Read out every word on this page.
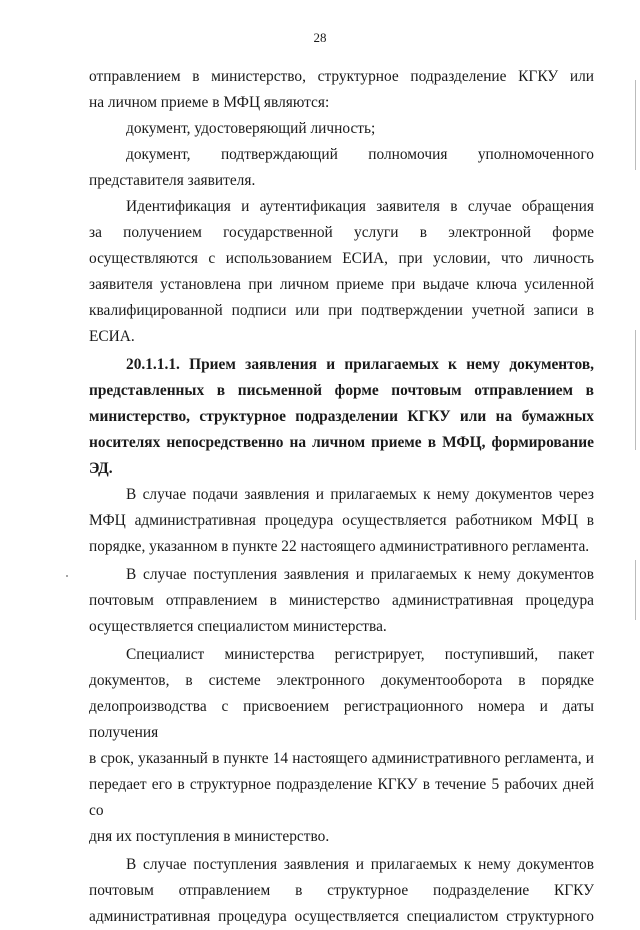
28

отправлением в министерство, структурное подразделение КГКУ или

на личном приеме в МФЦ являются:

документ, удостоверяющий личность;

документ, подтверждающий полномочия уполномоченного

представителя заявителя.

Идентификация и аутентификация заявителя в случае обращения

за получением государственной услуги в электронной форме

осуществляются с использованием ЕСИА, при условии, что личность

заявителя установлена при личном приеме при выдаче ключа усиленной

квалифицированной подписи или при подтверждении учетной записи в

ЕСИА.

20.1.1.1. Прием заявления и прилагаемых к нему документов,

представленных в письменной форме почтовым отправлением в

министерство, структурное подразделении КГКУ или на бумажных

носителях непосредственно на личном приеме в МФЦ, формирование

ЭД.

В случае подачи заявления и прилагаемых к нему документов через

МФЦ административная процедура осуществляется работником МФЦ в

порядке, указанном в пункте 22 настоящего административного регламента.

В случае поступления заявления и прилагаемых к нему документов

почтовым отправлением в министерство административная процедура

осуществляется специалистом министерства.

Специалист министерства регистрирует, поступивший, пакет

документов, в системе электронного документооборота в порядке

делопроизводства с присвоением регистрационного номера и даты получения

в срок, указанный в пункте 14 настоящего административного регламента, и

передает его в структурное подразделение КГКУ в течение 5 рабочих дней со

дня их поступления в министерство.

В случае поступления заявления и прилагаемых к нему документов

почтовым отправлением в структурное подразделение КГКУ

административная процедура осуществляется специалистом структурного
